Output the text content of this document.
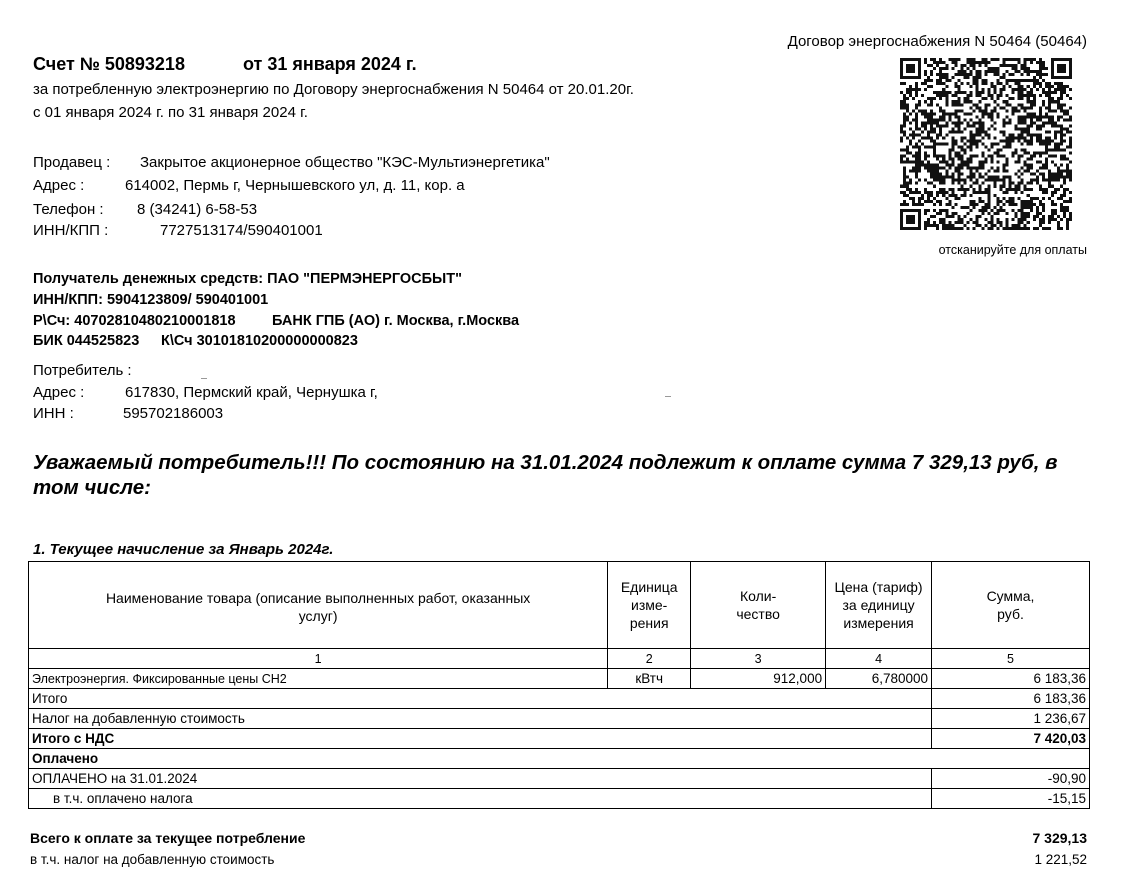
Договор энергоснабжения N 50464 (50464)
Счет № 50893218	от 31 января 2024 г.
за потребленную электроэнергию по Договору энергоснабжения N 50464 от 20.01.20г.
с 01 января 2024 г. по 31 января 2024 г.
отсканируйте для оплаты
Продавец : Закрытое акционерное общество "КЭС-Мультиэнергетика"
Адрес :	614002, Пермь г, Чернышевского ул, д. 11, кор. а
Телефон : 8 (34241) 6-58-53
ИНН/КПП :	7727513174/590401001
Получатель денежных средств: ПАО "ПЕРМЭНЕРГОСБЫТ"
ИНН/КПП: 5904123809/ 590401001
Р\Сч: 40702810480210001818	БАНК ГПБ (АО) г. Москва, г.Москва
БИК 044525823 К\Сч 30101810200000000823
Потребитель :
Адрес :	617830, Пермский край, Чернушка г,
ИНН :	595702186003
Уважаемый потребитель!!! По состоянию на 31.01.2024 подлежит к оплате сумма 7 329,13 руб, в том числе:
1. Текущее начисление за Январь 2024г.
Наименование товара (описание выполненных работ, оказанных услуг)	Единица изме-рения	Коли-чество	Цена (тариф) за единицу измерения	Сумма, руб.
1	2	3	4	5
Электроэнергия. Фиксированные цены СН2	кВтч	912,000	6,780000	6 183,36
Итого				6 183,36
Налог на добавленную стоимость				1 236,67
Итого с НДС				7 420,03
Оплачено				
ОПЛАЧЕНО на 31.01.2024				-90,90
в т.ч. оплачено налога				-15,15
Всего к оплате за текущее потребление	7 329,13
в т.ч. налог на добавленную стоимость	1 221,52
